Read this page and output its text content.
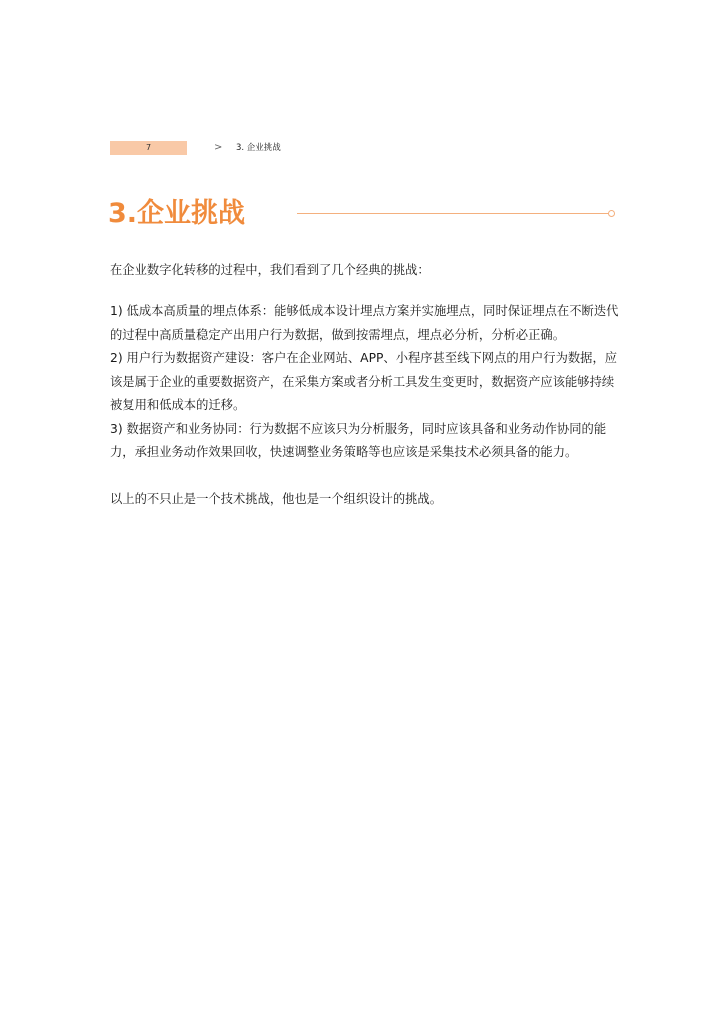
7	> 3. 企业挑战
3.企业挑战

在企业数字化转移的过程中，我们看到了几个经典的挑战：

1) 低成本高质量的埋点体系：能够低成本设计埋点方案并实施埋点，同时保证埋点在不断迭代的过程中高质量稳定产出用户行为数据，做到按需埋点，埋点必分析，分析必正确。

2) 用户行为数据资产建设：客户在企业网站、APP、小程序甚至线下网点的用户行为数据，应该是属于企业的重要数据资产，在采集方案或者分析工具发生变更时，数据资产应该能够持续被复用和低成本的迁移。

3) 数据资产和业务协同：行为数据不应该只为分析服务，同时应该具备和业务动作协同的能力，承担业务动作效果回收，快速调整业务策略等也应该是采集技术必须具备的能力。

以上的不只止是一个技术挑战，他也是一个组织设计的挑战。
